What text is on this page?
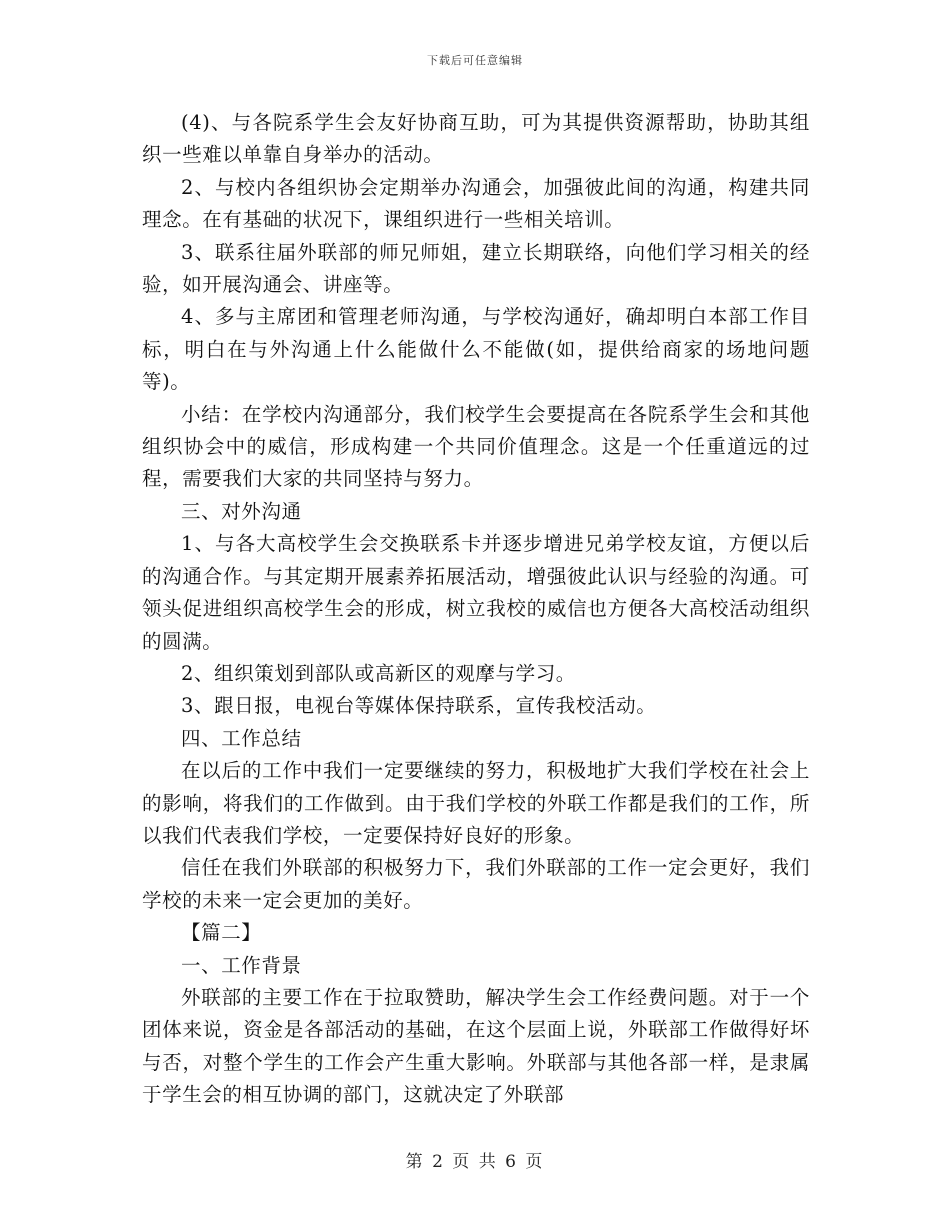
下载后可任意编辑

(4)、与各院系学生会友好协商互助，可为其提供资源帮助，协助其组织一些难以单靠自身举办的活动。

2、与校内各组织协会定期举办沟通会，加强彼此间的沟通，构建共同理念。在有基础的状况下，课组织进行一些相关培训。

3、联系往届外联部的师兄师姐，建立长期联络，向他们学习相关的经验，如开展沟通会、讲座等。

4、多与主席团和管理老师沟通，与学校沟通好，确却明白本部工作目标，明白在与外沟通上什么能做什么不能做(如，提供给商家的场地问题等)。

小结：在学校内沟通部分，我们校学生会要提高在各院系学生会和其他组织协会中的威信，形成构建一个共同价值理念。这是一个任重道远的过程，需要我们大家的共同坚持与努力。

三、对外沟通

1、与各大高校学生会交换联系卡并逐步增进兄弟学校友谊，方便以后的沟通合作。与其定期开展素养拓展活动，增强彼此认识与经验的沟通。可领头促进组织高校学生会的形成，树立我校的威信也方便各大高校活动组织的圆满。

2、组织策划到部队或高新区的观摩与学习。

3、跟日报，电视台等媒体保持联系，宣传我校活动。

四、工作总结

在以后的工作中我们一定要继续的努力，积极地扩大我们学校在社会上的影响，将我们的工作做到。由于我们学校的外联工作都是我们的工作，所以我们代表我们学校，一定要保持好良好的形象。

信任在我们外联部的积极努力下，我们外联部的工作一定会更好，我们学校的未来一定会更加的美好。

【篇二】

一、工作背景

外联部的主要工作在于拉取赞助，解决学生会工作经费问题。对于一个团体来说，资金是各部活动的基础，在这个层面上说，外联部工作做得好坏与否，对整个学生的工作会产生重大影响。外联部与其他各部一样，是隶属于学生会的相互协调的部门，这就决定了外联部

第 2 页 共 6 页
